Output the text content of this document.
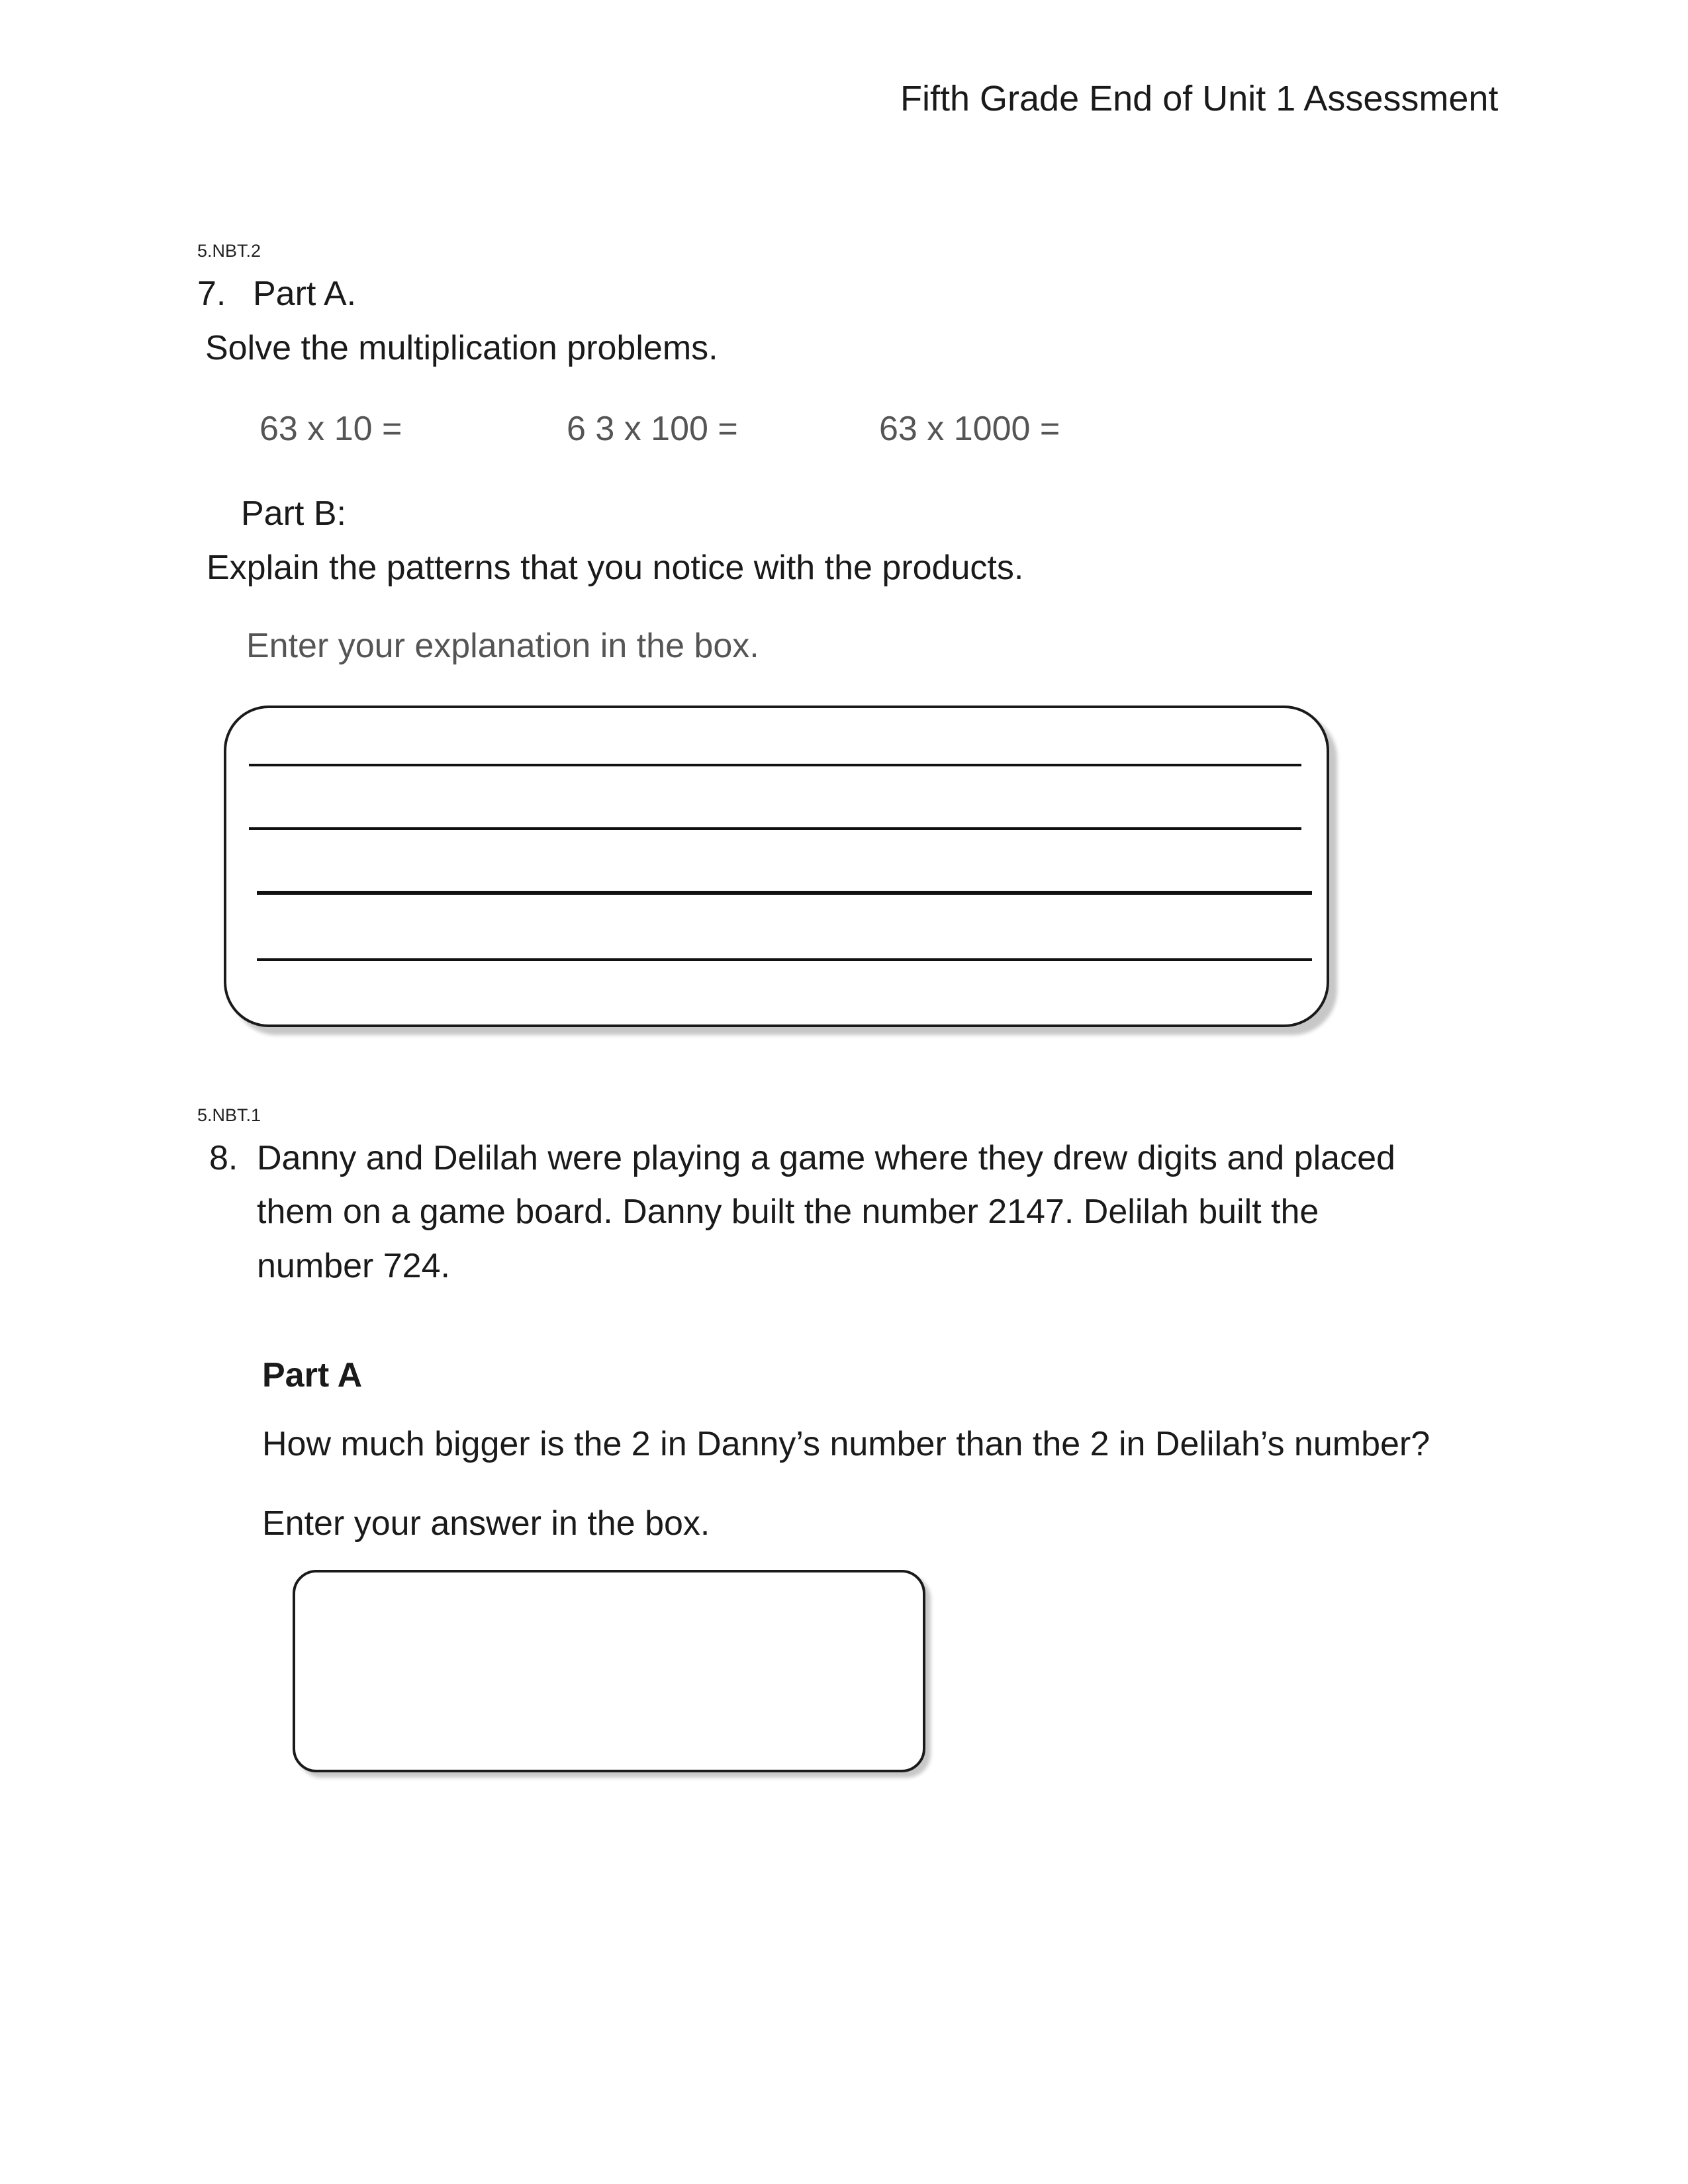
Fifth Grade End of Unit 1 Assessment
5.NBT.2
7. Part A.
Solve the multiplication problems.
63 x 10 =	6 3 x 100 =	63 x 1000 =
Part B:
Explain the patterns that you notice with the products.
Enter your explanation in the box.
5.NBT.1
8. Danny and Delilah were playing a game where they drew digits and placed
them on a game board. Danny built the number 2147. Delilah built the
number 724.
Part A
How much bigger is the 2 in Danny’s number than the 2 in Delilah’s number?
Enter your answer in the box.
